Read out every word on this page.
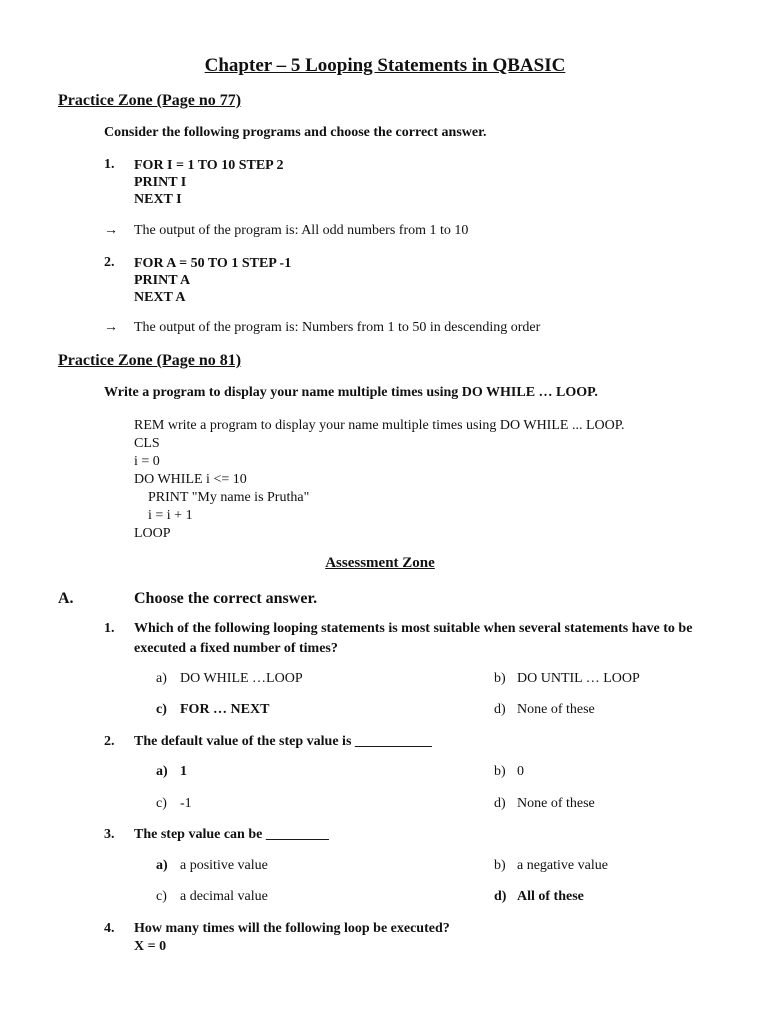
Chapter – 5 Looping Statements in QBASIC
Practice Zone (Page no 77)
Consider the following programs and choose the correct answer.
1. FOR I = 1 TO 10 STEP 2
PRINT I
NEXT I
→ The output of the program is: All odd numbers from 1 to 10
2. FOR A = 50 TO 1 STEP -1
PRINT A
NEXT A
→ The output of the program is: Numbers from 1 to 50 in descending order
Practice Zone (Page no 81)
Write a program to display your name multiple times using DO WHILE … LOOP.
REM write a program to display your name multiple times using DO WHILE ... LOOP.
CLS
i = 0
DO WHILE i <= 10
PRINT "My name is Prutha"
i = i + 1
LOOP
Assessment Zone
A.	Choose the correct answer.
1. Which of the following looping statements is most suitable when several statements have to be executed a fixed number of times?
a) DO WHILE …LOOP	b) DO UNTIL … LOOP
c) FOR … NEXT	d) None of these
2. The default value of the step value is ___________
a) 1	b) 0
c) -1	d) None of these
3. The step value can be _________
a) a positive value	b) a negative value
c) a decimal value	d) All of these
4. How many times will the following loop be executed?
X = 0
